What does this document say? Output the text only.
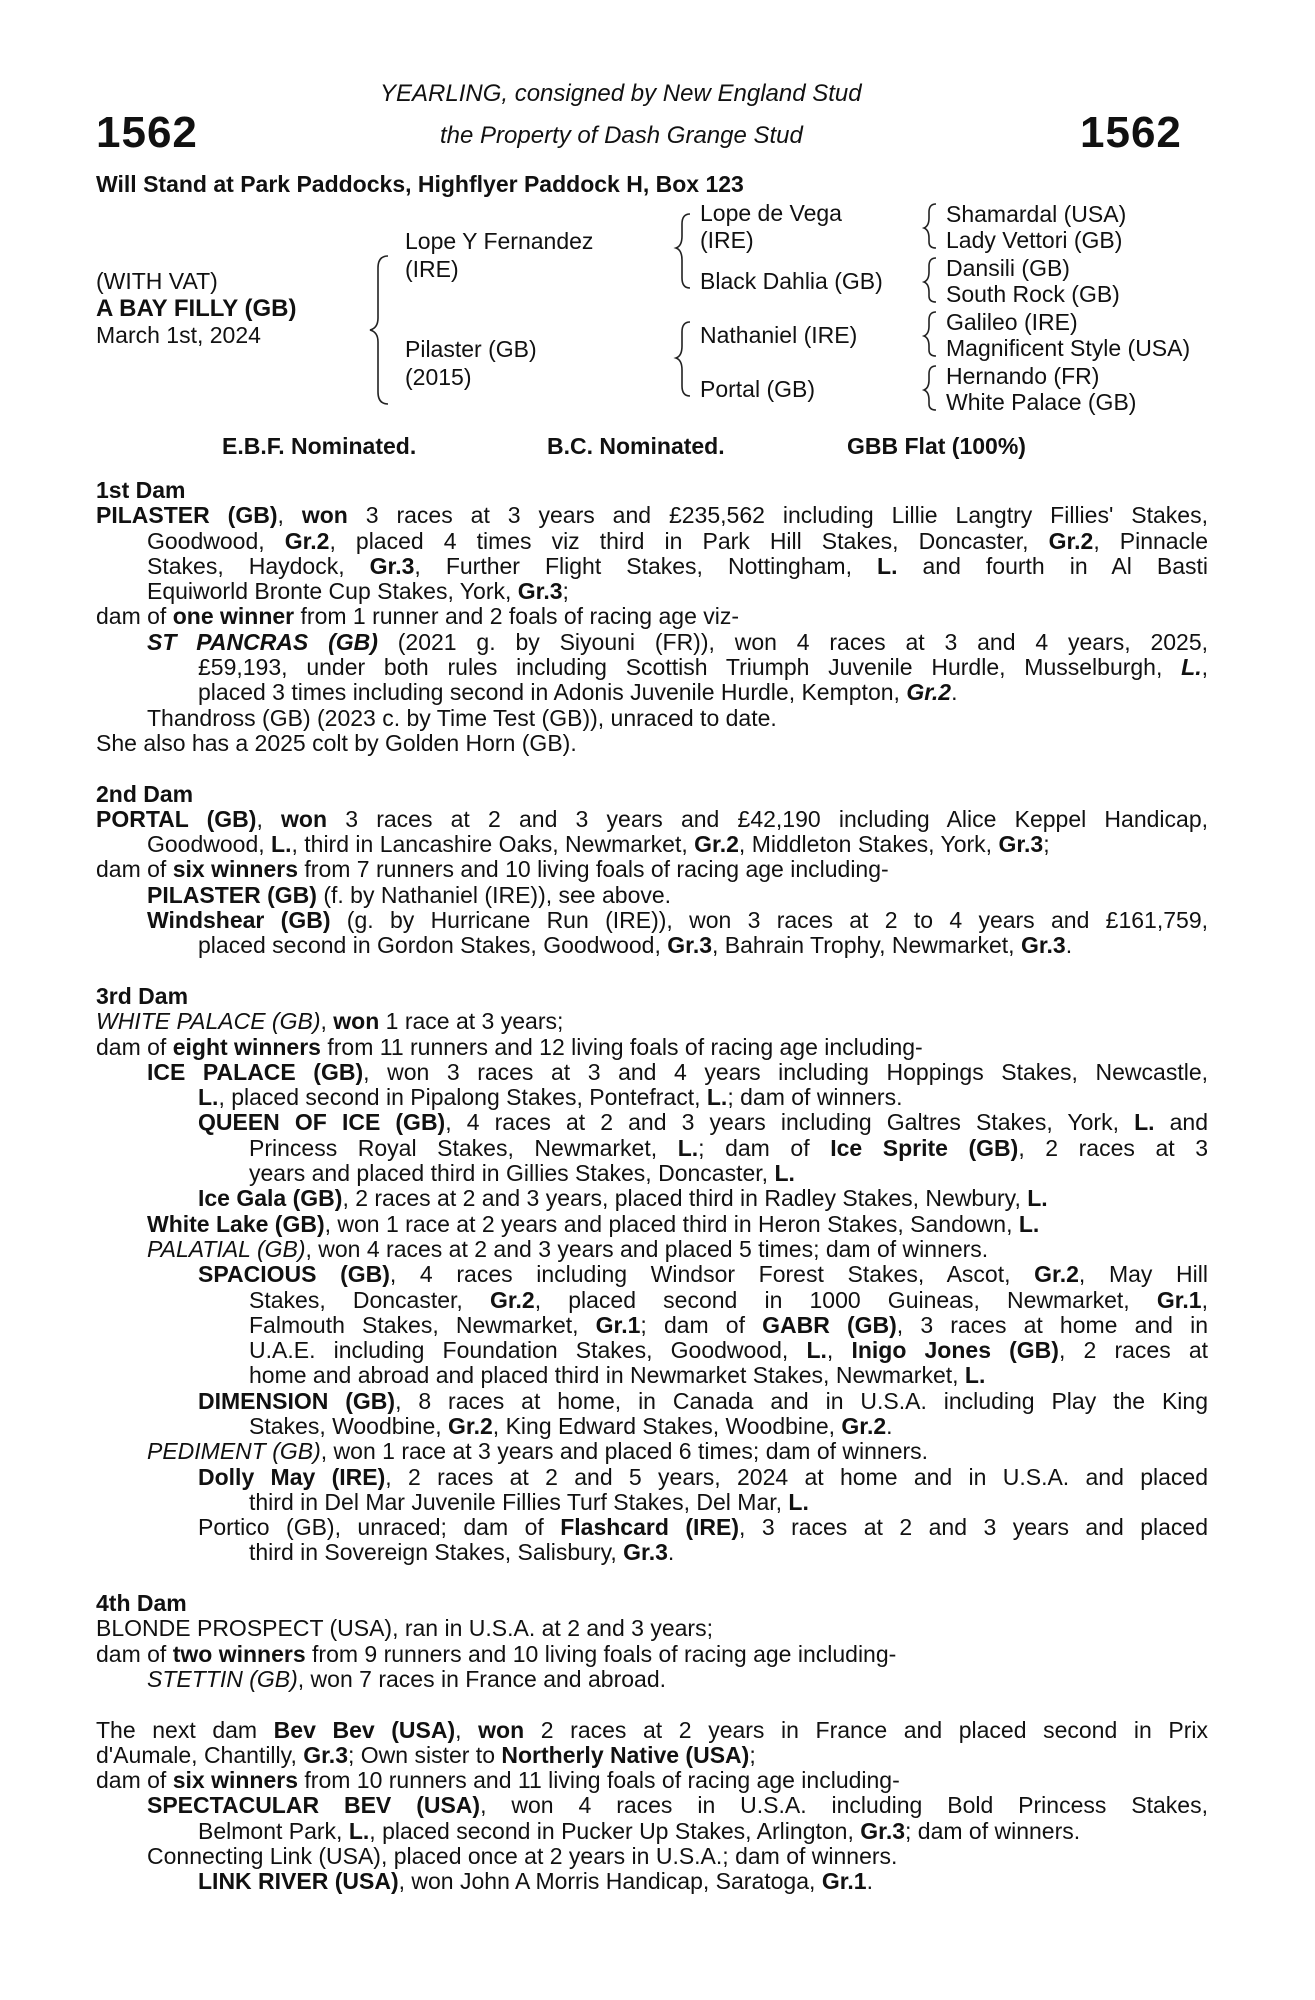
1562	1562
YEARLING, consigned by New England Stud
the Property of Dash Grange Stud
Will Stand at Park Paddocks, Highflyer Paddock H, Box 123
(WITH VAT)
A BAY FILLY (GB)
March 1st, 2024
Lope Y Fernandez
(IRE)
Pilaster (GB)
(2015)
Lope de Vega
(IRE)
Black Dahlia (GB)
Nathaniel (IRE)
Portal (GB)
Shamardal (USA)
Lady Vettori (GB)
Dansili (GB)
South Rock (GB)
Galileo (IRE)
Magnificent Style (USA)
Hernando (FR)
White Palace (GB)
E.B.F. Nominated.	B.C. Nominated.	GBB Flat (100%)
1st Dam
PILASTER (GB), won 3 races at 3 years and £235,562 including Lillie Langtry Fillies' Stakes,
Goodwood, Gr.2, placed 4 times viz third in Park Hill Stakes, Doncaster, Gr.2, Pinnacle
Stakes, Haydock, Gr.3, Further Flight Stakes, Nottingham, L. and fourth in Al Basti
Equiworld Bronte Cup Stakes, York, Gr.3;
dam of one winner from 1 runner and 2 foals of racing age viz-
ST PANCRAS (GB) (2021 g. by Siyouni (FR)), won 4 races at 3 and 4 years, 2025,
£59,193, under both rules including Scottish Triumph Juvenile Hurdle, Musselburgh, L.,
placed 3 times including second in Adonis Juvenile Hurdle, Kempton, Gr.2.
Thandross (GB) (2023 c. by Time Test (GB)), unraced to date.
She also has a 2025 colt by Golden Horn (GB).
2nd Dam
PORTAL (GB), won 3 races at 2 and 3 years and £42,190 including Alice Keppel Handicap,
Goodwood, L., third in Lancashire Oaks, Newmarket, Gr.2, Middleton Stakes, York, Gr.3;
dam of six winners from 7 runners and 10 living foals of racing age including-
PILASTER (GB) (f. by Nathaniel (IRE)), see above.
Windshear (GB) (g. by Hurricane Run (IRE)), won 3 races at 2 to 4 years and £161,759,
placed second in Gordon Stakes, Goodwood, Gr.3, Bahrain Trophy, Newmarket, Gr.3.
3rd Dam
WHITE PALACE (GB), won 1 race at 3 years;
dam of eight winners from 11 runners and 12 living foals of racing age including-
ICE PALACE (GB), won 3 races at 3 and 4 years including Hoppings Stakes, Newcastle,
L., placed second in Pipalong Stakes, Pontefract, L.; dam of winners.
QUEEN OF ICE (GB), 4 races at 2 and 3 years including Galtres Stakes, York, L. and
Princess Royal Stakes, Newmarket, L.; dam of Ice Sprite (GB), 2 races at 3
years and placed third in Gillies Stakes, Doncaster, L.
Ice Gala (GB), 2 races at 2 and 3 years, placed third in Radley Stakes, Newbury, L.
White Lake (GB), won 1 race at 2 years and placed third in Heron Stakes, Sandown, L.
PALATIAL (GB), won 4 races at 2 and 3 years and placed 5 times; dam of winners.
SPACIOUS (GB), 4 races including Windsor Forest Stakes, Ascot, Gr.2, May Hill
Stakes, Doncaster, Gr.2, placed second in 1000 Guineas, Newmarket, Gr.1,
Falmouth Stakes, Newmarket, Gr.1; dam of GABR (GB), 3 races at home and in
U.A.E. including Foundation Stakes, Goodwood, L., Inigo Jones (GB), 2 races at
home and abroad and placed third in Newmarket Stakes, Newmarket, L.
DIMENSION (GB), 8 races at home, in Canada and in U.S.A. including Play the King
Stakes, Woodbine, Gr.2, King Edward Stakes, Woodbine, Gr.2.
PEDIMENT (GB), won 1 race at 3 years and placed 6 times; dam of winners.
Dolly May (IRE), 2 races at 2 and 5 years, 2024 at home and in U.S.A. and placed
third in Del Mar Juvenile Fillies Turf Stakes, Del Mar, L.
Portico (GB), unraced; dam of Flashcard (IRE), 3 races at 2 and 3 years and placed
third in Sovereign Stakes, Salisbury, Gr.3.
4th Dam
BLONDE PROSPECT (USA), ran in U.S.A. at 2 and 3 years;
dam of two winners from 9 runners and 10 living foals of racing age including-
STETTIN (GB), won 7 races in France and abroad.
The next dam Bev Bev (USA), won 2 races at 2 years in France and placed second in Prix
d'Aumale, Chantilly, Gr.3; Own sister to Northerly Native (USA);
dam of six winners from 10 runners and 11 living foals of racing age including-
SPECTACULAR BEV (USA), won 4 races in U.S.A. including Bold Princess Stakes,
Belmont Park, L., placed second in Pucker Up Stakes, Arlington, Gr.3; dam of winners.
Connecting Link (USA), placed once at 2 years in U.S.A.; dam of winners.
LINK RIVER (USA), won John A Morris Handicap, Saratoga, Gr.1.
